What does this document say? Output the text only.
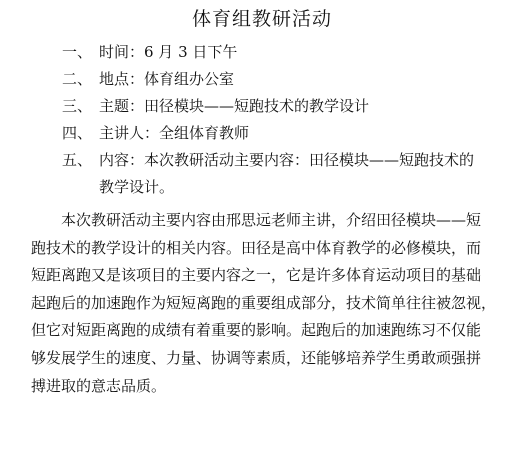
体育组教研活动
一、 时间：6 月 3 日下午
二、 地点：体育组办公室
三、 主题：田径模块——短跑技术的教学设计
四、 主讲人：全组体育教师
五、 内容：本次教研活动主要内容：田径模块——短跑技术的
教学设计。
本次教研活动主要内容由邢思远老师主讲，介绍田径模块——短
跑技术的教学设计的相关内容。田径是高中体育教学的必修模块，而
短距离跑又是该项目的主要内容之一，它是许多体育运动项目的基础
起跑后的加速跑作为短短离跑的重要组成部分，技术简单往往被忽视，
但它对短距离跑的成绩有着重要的影响。起跑后的加速跑练习不仅能
够发展学生的速度、力量、协调等素质，还能够培养学生勇敢顽强拼
搏进取的意志品质。
